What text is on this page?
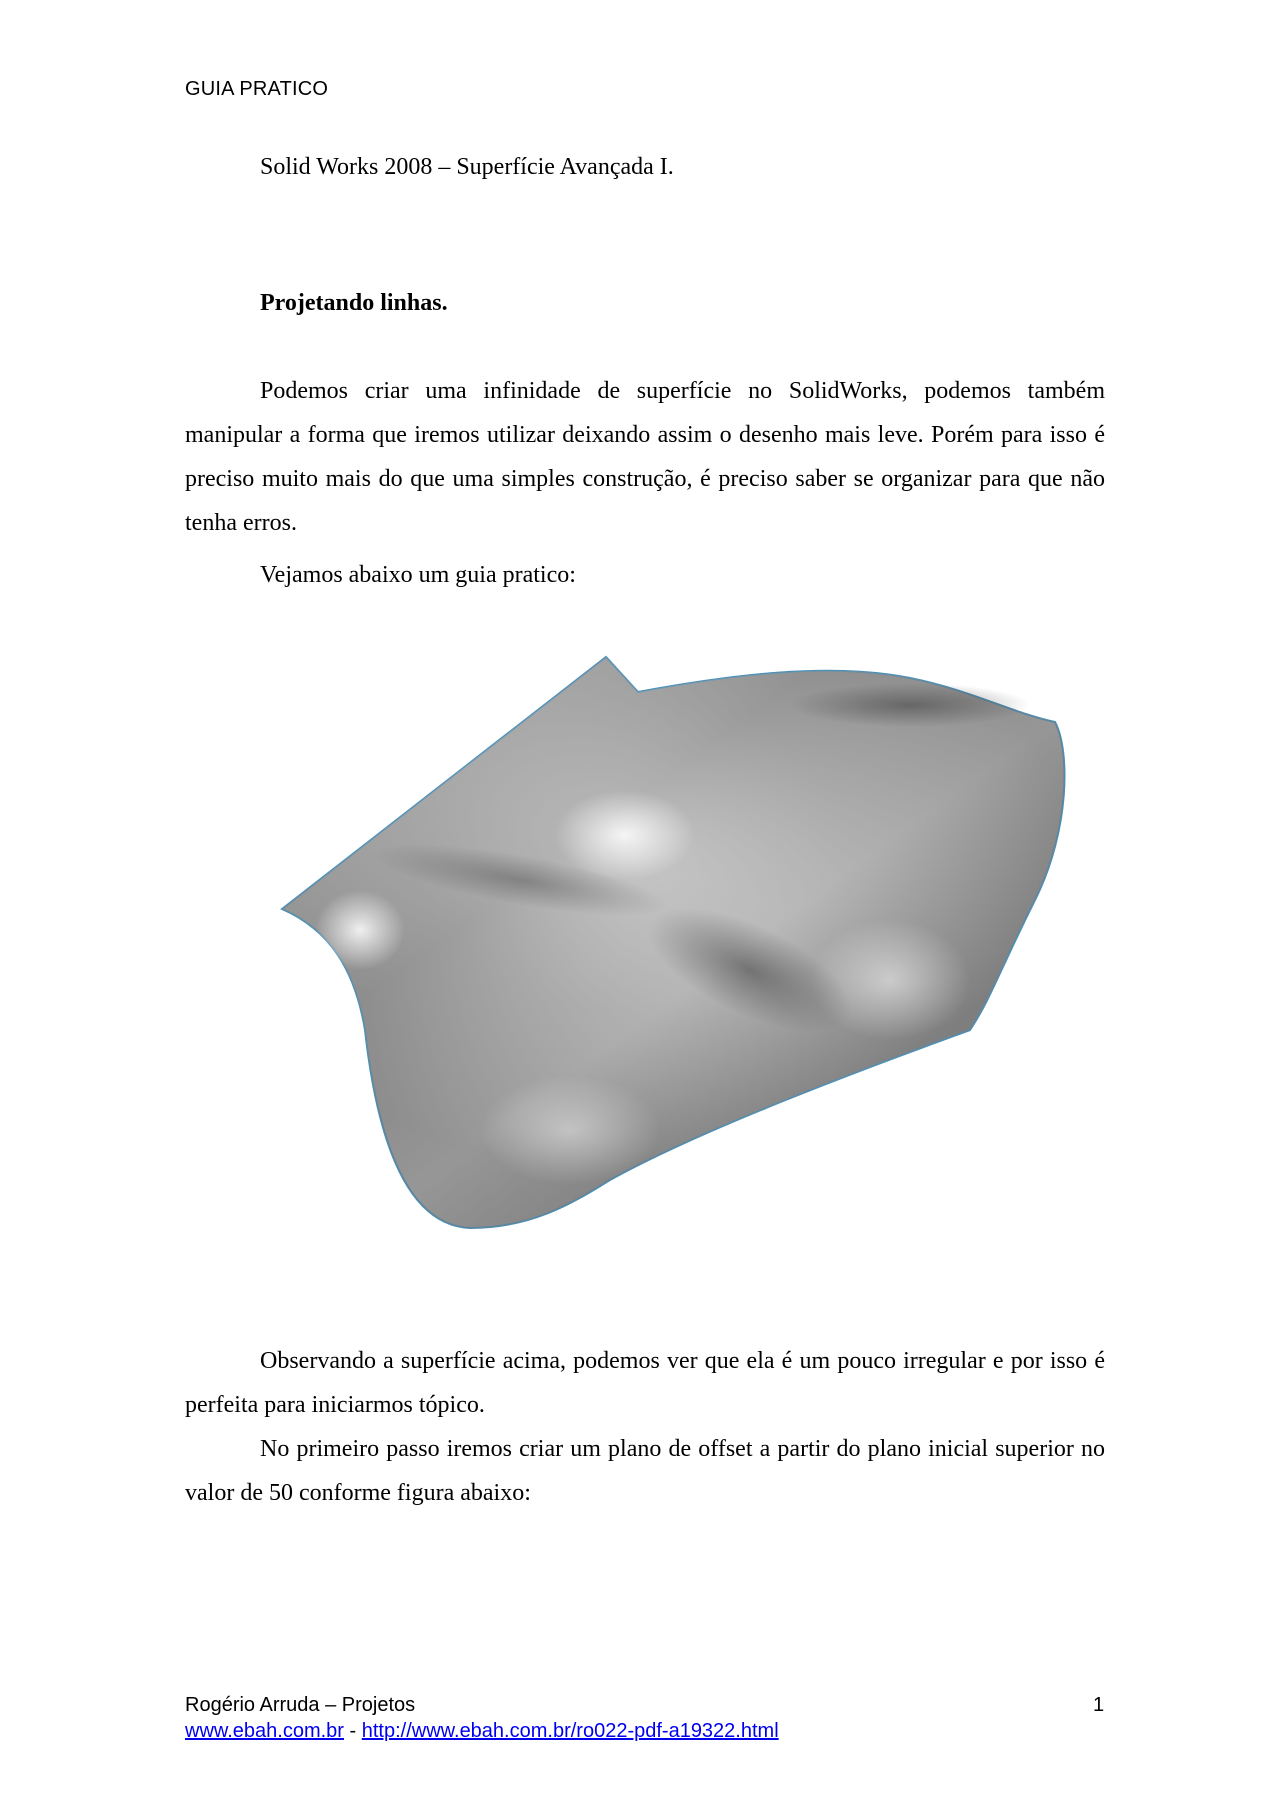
GUIA PRATICO
Solid Works 2008 – Superfície Avançada I.
Projetando linhas.

Podemos criar uma infinidade de superfície no SolidWorks, podemos também manipular a forma que iremos utilizar deixando assim o desenho mais leve. Porém para isso é preciso muito mais do que uma simples construção, é preciso saber se organizar para que não tenha erros.

Vejamos abaixo um guia pratico:

Observando a superfície acima, podemos ver que ela é um pouco irregular e por isso é perfeita para iniciarmos tópico.

No primeiro passo iremos criar um plano de offset a partir do plano inicial superior no valor de 50 conforme figura abaixo:

Rogério Arruda – Projetos	1
www.ebah.com.br - http://www.ebah.com.br/ro022-pdf-a19322.html
